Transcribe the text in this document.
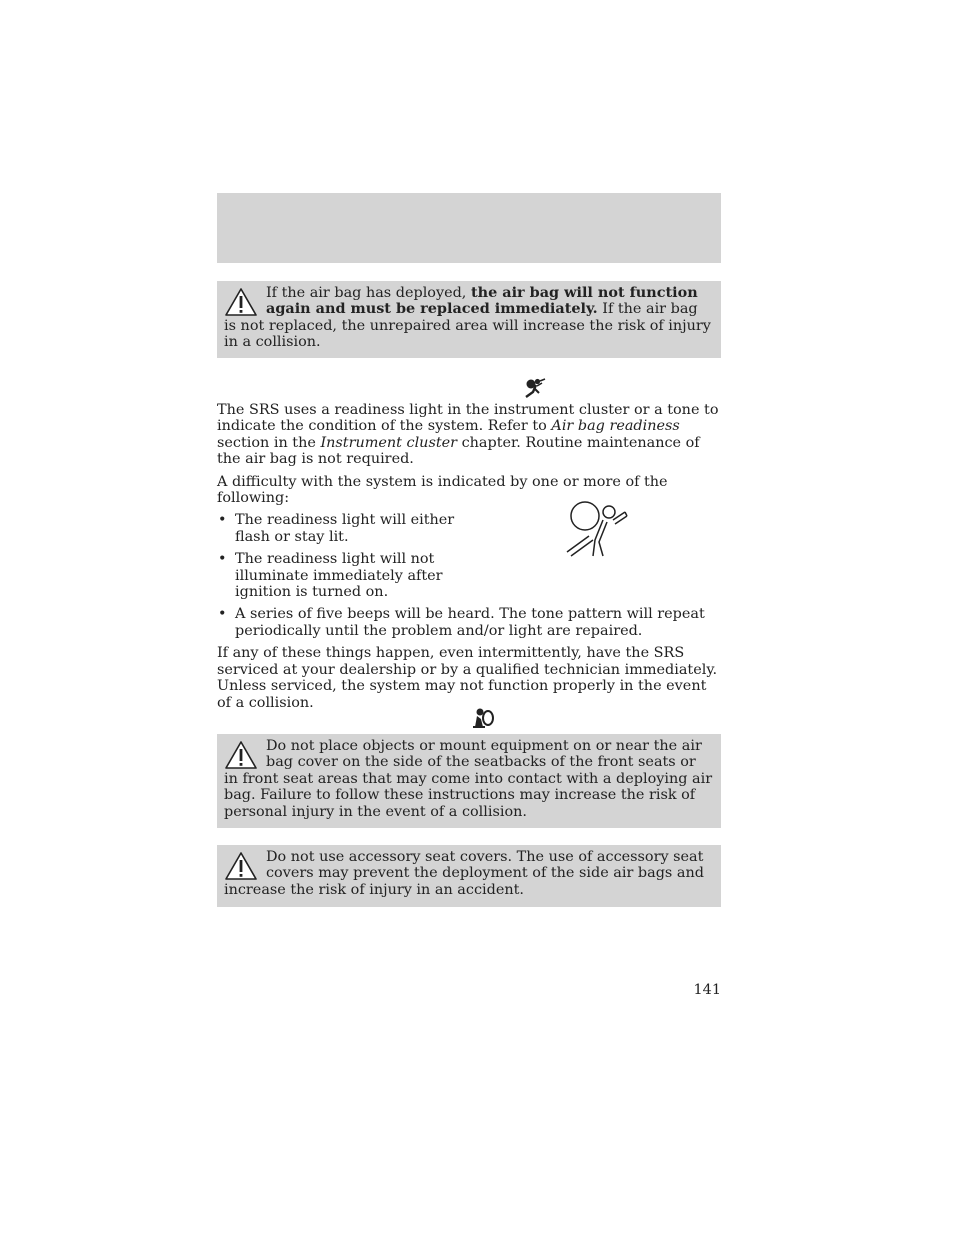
If the air bag has deployed, the air bag will not function again and must be replaced immediately. If the air bag is not replaced, the unrepaired area will increase the risk of injury in a collision.

The SRS uses a readiness light in the instrument cluster or a tone to indicate the condition of the system. Refer to Air bag readiness section in the Instrument cluster chapter. Routine maintenance of the air bag is not required.

A difficulty with the system is indicated by one or more of the following:

• The readiness light will either flash or stay lit.
• The readiness light will not illuminate immediately after ignition is turned on.
• A series of five beeps will be heard. The tone pattern will repeat periodically until the problem and/or light are repaired.

If any of these things happen, even intermittently, have the SRS serviced at your dealership or by a qualified technician immediately. Unless serviced, the system may not function properly in the event of a collision.

Do not place objects or mount equipment on or near the air bag cover on the side of the seatbacks of the front seats or in front seat areas that may come into contact with a deploying air bag. Failure to follow these instructions may increase the risk of personal injury in the event of a collision.
Do not use accessory seat covers. The use of accessory seat covers may prevent the deployment of the side air bags and increase the risk of injury in an accident.
141
